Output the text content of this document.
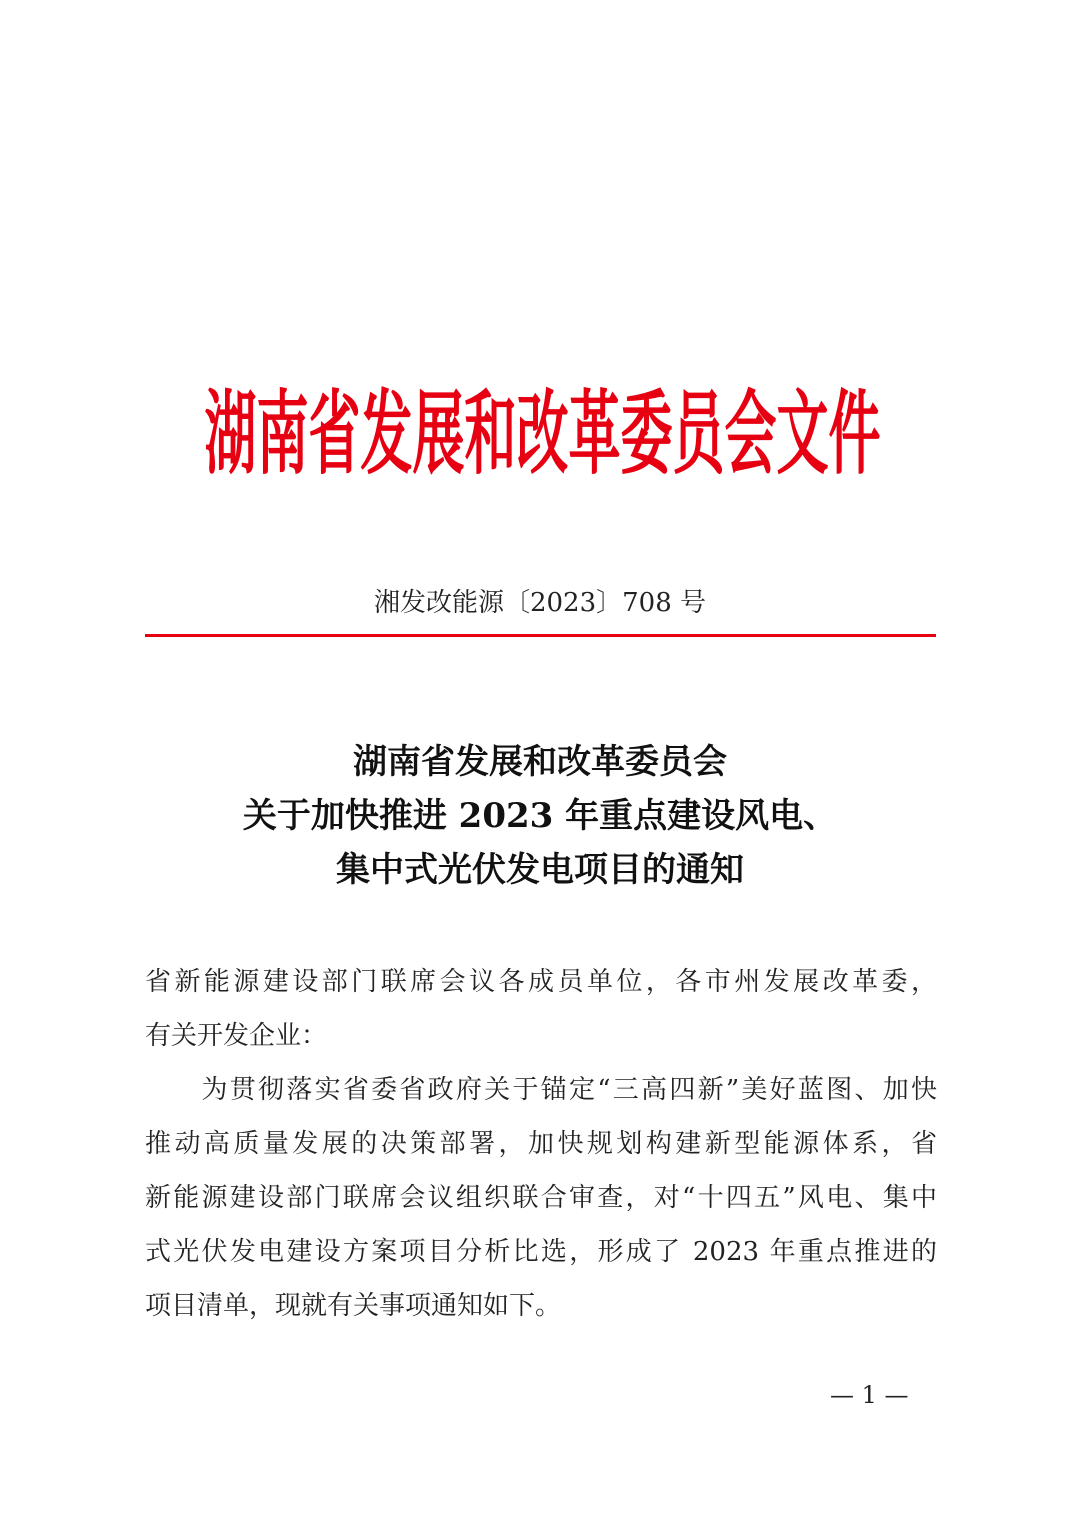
湖南省发展和改革委员会文件
湘发改能源〔2023〕708 号
湖南省发展和改革委员会
关于加快推进 2023 年重点建设风电、
集中式光伏发电项目的通知
省新能源建设部门联席会议各成员单位，各市州发展改革委，
有关开发企业：
　　为贯彻落实省委省政府关于锚定“三高四新”美好蓝图、加快
推动高质量发展的决策部署，加快规划构建新型能源体系，省
新能源建设部门联席会议组织联合审查，对“十四五”风电、集中
式光伏发电建设方案项目分析比选，形成了 2023 年重点推进的
项目清单，现就有关事项通知如下。
— 1 —
